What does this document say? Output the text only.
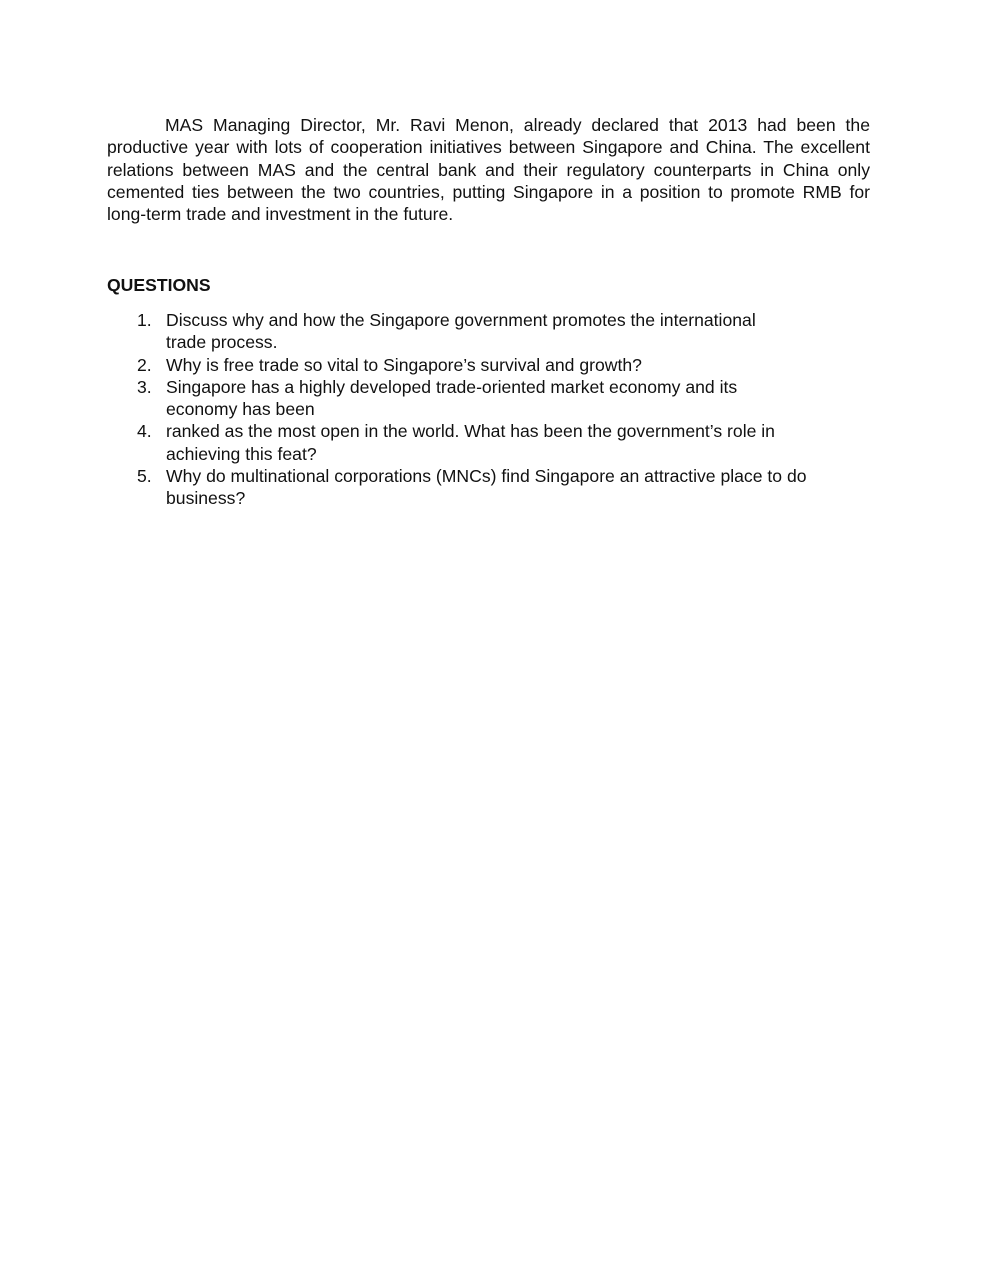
MAS Managing Director, Mr. Ravi Menon, already declared that 2013 had been the productive year with lots of cooperation initiatives between Singapore and China. The excellent relations between MAS and the central bank and their regulatory counterparts in China only cemented ties between the two countries, putting Singapore in a position to promote RMB for long-term trade and investment in the future.

QUESTIONS
1. Discuss why and how the Singapore government promotes the international
trade process.
2. Why is free trade so vital to Singapore’s survival and growth?
3. Singapore has a highly developed trade-oriented market economy and its
economy has been
4. ranked as the most open in the world. What has been the government’s role in
achieving this feat?
5. Why do multinational corporations (MNCs) find Singapore an attractive place to do
business?
